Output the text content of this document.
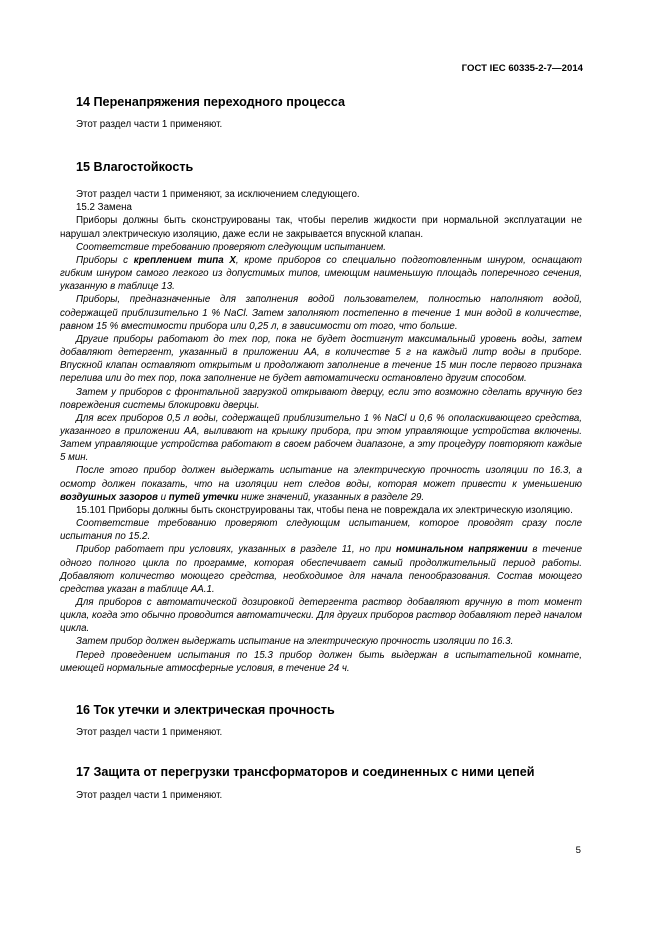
ГОСТ IEC 60335-2-7—2014
14 Перенапряжения переходного процесса

Этот раздел части 1 применяют.

15 Влагостойкость

Этот раздел части 1 применяют, за исключением следующего.

15.2 Замена

Приборы должны быть сконструированы так, чтобы перелив жидкости при нормальной эксплуатации не нарушал электрическую изоляцию, даже если не закрывается впускной клапан.

Соответствие требованию проверяют следующим испытанием.

Приборы с креплением типа X, кроме приборов со специально подготовленным шнуром, оснащают гибким шнуром самого легкого из допустимых типов, имеющим наименьшую площадь поперечного сечения, указанную в таблице 13.

Приборы, предназначенные для заполнения водой пользователем, полностью наполняют водой, содержащей приблизительно 1 % NaCl. Затем заполняют постепенно в течение 1 мин водой в количестве, равном 15 % вместимости прибора или 0,25 л, в зависимости от того, что больше.

Другие приборы работают до тех пор, пока не будет достигнут максимальный уровень воды, затем добавляют детергент, указанный в приложении АА, в количестве 5 г на каждый литр воды в приборе. Впускной клапан оставляют открытым и продолжают заполнение в течение 15 мин после первого признака перелива или до тех пор, пока заполнение не будет автоматически остановлено другим способом.

Затем у приборов с фронтальной загрузкой открывают дверцу, если это возможно сделать вручную без повреждения системы блокировки дверцы.

Для всех приборов 0,5 л воды, содержащей приблизительно 1 % NaCl и 0,6 % ополаскивающего средства, указанного в приложении АА, выливают на крышку прибора, при этом управляющие устройства включены. Затем управляющие устройства работают в своем рабочем диапазоне, а эту процедуру повторяют каждые 5 мин.

После этого прибор должен выдержать испытание на электрическую прочность изоляции по 16.3, а осмотр должен показать, что на изоляции нет следов воды, которая может привести к уменьшению воздушных зазоров и путей утечки ниже значений, указанных в разделе 29.

15.101 Приборы должны быть сконструированы так, чтобы пена не повреждала их электрическую изоляцию.

Соответствие требованию проверяют следующим испытанием, которое проводят сразу после испытания по 15.2.

Прибор работает при условиях, указанных в разделе 11, но при номинальном напряжении в течение одного полного цикла по программе, которая обеспечивает самый продолжительный период работы. Добавляют количество моющего средства, необходимое для начала пенообразования. Состав моющего средства указан в таблице АА.1.

Для приборов с автоматической дозировкой детергента раствор добавляют вручную в тот момент цикла, когда это обычно проводится автоматически. Для других приборов раствор добавляют перед началом цикла.

Затем прибор должен выдержать испытание на электрическую прочность изоляции по 16.3.

Перед проведением испытания по 15.3 прибор должен быть выдержан в испытательной комнате, имеющей нормальные атмосферные условия, в течение 24 ч.

16 Ток утечки и электрическая прочность

Этот раздел части 1 применяют.

17 Защита от перегрузки трансформаторов и соединенных с ними цепей

Этот раздел части 1 применяют.

5
